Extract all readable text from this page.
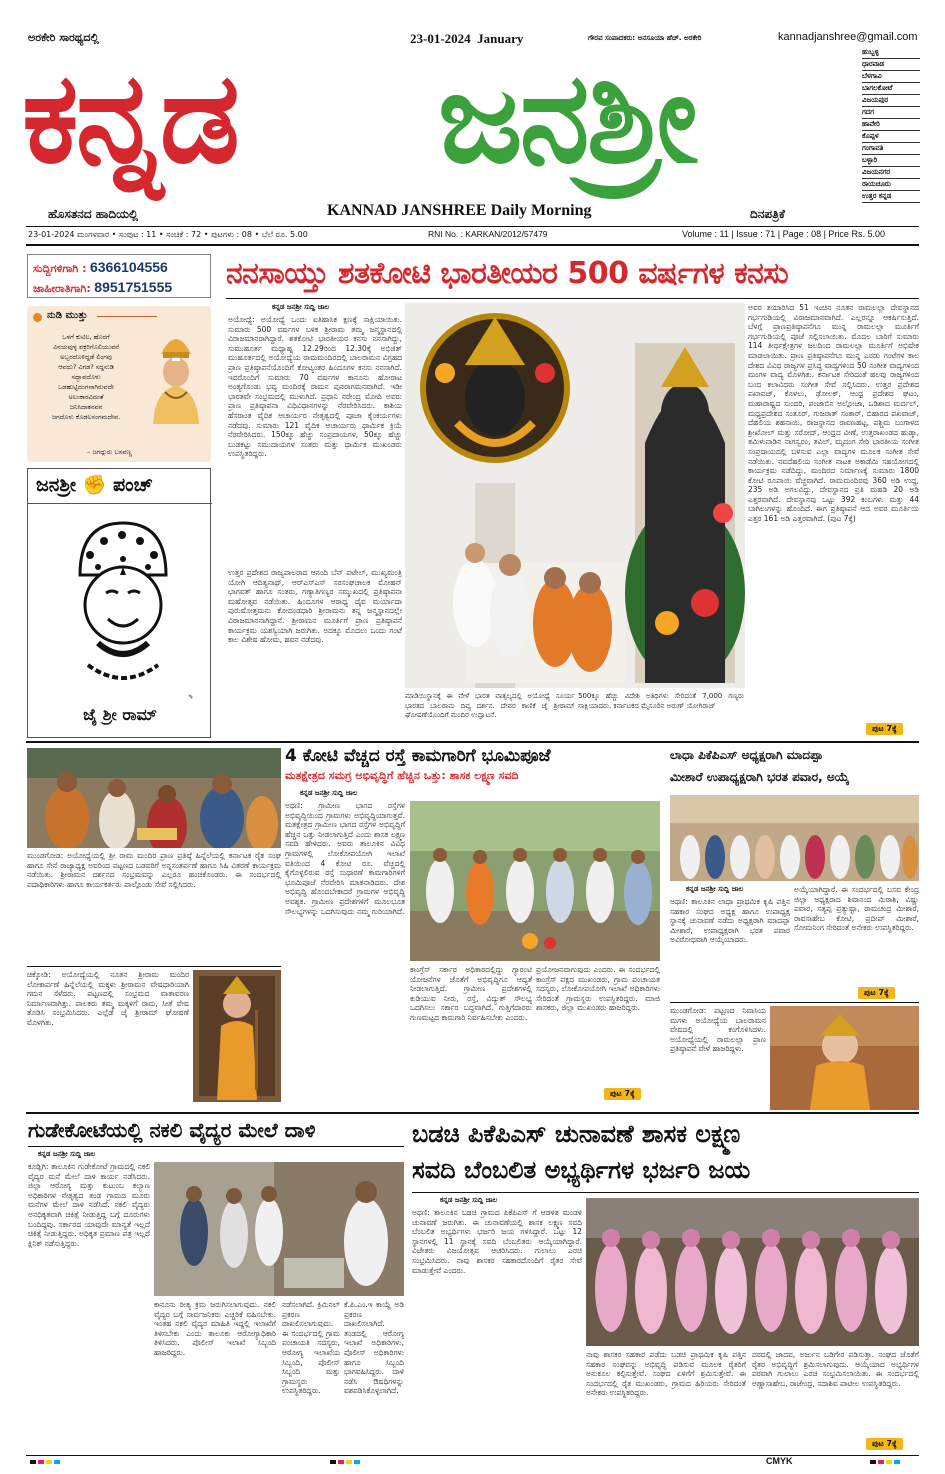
ಅರಕೇರಿ ಸಾರಥ್ಯದಲ್ಲಿ	23-01-2024 January	ಗೌರವ ಸಂಪಾದಕರು: ಅನಸೂಯಾ ಹೆಚ್. ಅರಕೇರಿ	kannadjanshree@gmail.com
ಕನ್ನಡ ಜನಶ್ರೀ
ಹೊಸತನದ ಹಾದಿಯಲ್ಲಿ	KANNAD JANSHREE Daily Morning	ದಿನಪತ್ರಿಕೆ
ಹುಬ್ಬಳ್ಳಿ
ಧಾರವಾಡ
ಬೆಳಗಾವಿ
ಬಾಗಲಕೋಟೆ
ವಿಜಯಪುರ
ಗದಗ
ಹಾವೇರಿ
ಕೊಪ್ಪಳ
ಗಂಗಾವತಿ
ಬಳ್ಳಾರಿ
ವಿಜಯನಗರ
ರಾಯಚೂರು
ಉತ್ತರ ಕನ್ನಡ
23-01-2024 ಮಂಗಳವಾರ • ಸಂಪುಟ : 11 • ಸಂಚಿಕೆ : 72 • ಪುಟಗಳು : 08 • ಬೆಲೆ ರೂ. 5.00	RNI No. : KARKAN/2012/57479	Volume : 11 | Issue : 71 | Page : 08 | Price Rs. 5.00
ಸುದ್ದಿಗಳಿಗಾಗಿ : 6366104556
ಜಾಹೀರಾತಿಗಾಗಿ: 8951751555
ನುಡಿ ಮುತ್ತು
ಒಳಗೆ ಕುಟಿಲ, ಹೊರಗೆ
ವಿನಯವುಳ್ಳ ವಕ್ರರಿಗೊಲಿಯುವನೆ
ಅಬ್ಬರದೊಳಿದ್ದಡೆ ಲಿಂಗವು
ಆವದು? ವಿಗಡ? ಸದ್ದನುಡಿ
ಸದ್ಭಾವದೊಳು
ಒಡಹುಟ್ಟಿದಂಗನಾಗಿರುವದೇ
ಅಲಂಕಾರವಿದಂತೆ
ಜನಿಸಿದಾತನವನ
ಜಗದೊಳು ಕೊಡಲಸಂಗಮದೇವ.
– ಜಗದ್ಗುರು ಬಸವಣ್ಣ
ಜನಶ್ರೀ ✊ ಪಂಚ್
✎
ಜೈ ಶ್ರೀ ರಾಮ್
ನನಸಾಯ್ತು ಶತಕೋಟಿ ಭಾರತೀಯರ 500 ವರ್ಷಗಳ ಕನಸು
ಕನ್ನಡ ಜನಶ್ರೀ ಸುದ್ದಿ ಜಾಲ
ಅಯೋಧ್ಯೆ: ಅಯೋಧ್ಯೆ ಒಂದು ಐತಿಹಾಸಿಕ ಕ್ಷಣಕ್ಕೆ ಸಾಕ್ಷಿಯಾಯಿತು. ಸುಮಾರು 500 ವರ್ಷಗಳ ಬಳಿಕ ಶ್ರೀರಾಮ ತಮ್ಮ ಜನ್ಮಸ್ಥಾನದಲ್ಲಿ ವಿರಾಜಮಾನರಾಗಿದ್ದಾರೆ. ಶತಕೋಟಿ ಭಾರತೀಯರ ಕನಸು ನನಸಾಗಿದ್ದು, ಸುಮುಹೂರ್ತ ಮಧ್ಯಾಹ್ನ 12.29ರಿಂದ 12.30ಕ್ಕೆ ಅಭಿಜಿತ್ ಮುಹೂರ್ತದಲ್ಲಿ ಅಯೋಧ್ಯೆಯ ರಾಮಮಂದಿರದಲ್ಲಿ ಬಾಲರಾಮನ ವಿಗ್ರಹದ ಪ್ರಾಣ ಪ್ರತಿಷ್ಠಾಪನೆಯೊಂದಿಗೆ ಕೋಟ್ಯಂತರ ಹಿಂದೂಗಳ ಕನಸು ನನಸಾಗಿದೆ. ಇದರೊಂದಿಗೆ ಸುಮಾರು 70 ವರ್ಷಗಳ ಕಾನೂನು ಹೋರಾಟ ಅಂತ್ಯಗೊಂಡು ಭವ್ಯ ಮಂದಿರಕ್ಕೆ ರಾಮನ ಪುನರಾಗಮನವಾಗಿದೆ. ಇಡೀ ಭಾರತವೇ ಸಂಭ್ರಮದಲ್ಲಿ ಮುಳುಗಿದೆ. ಪ್ರಧಾನಿ ನರೇಂದ್ರ ಮೋದಿ ಅವರು ಪ್ರಾಣ ಪ್ರತಿಷ್ಠಾಪನಾ ವಿಧಿವಿಧಾನಗಳನ್ನು ನೆರವೇರಿಸಿದರು. ಕಾಶಿಯ ಹೆಸರಾಂತ ವೈದಿಕ ಆಚಾರ್ಯರ ನೇತೃತ್ವದಲ್ಲಿ ಪೂಜಾ ಕೈಂಕರ್ಯಗಳು ನಡೆದವು. ಸುಮಾರು 121 ವೈದಿಕ ಆಚಾರ್ಯರು ಧಾರ್ಮಿಕ ಕ್ರಿಯೆ ನೆರವೇರಿಸಿದರು. 150ಕ್ಕೂ ಹೆಚ್ಚು ಸಂಪ್ರದಾಯಗಳ, 50ಕ್ಕೂ ಹೆಚ್ಚು ಬುಡಕಟ್ಟು ಸಮುದಾಯಗಳ ಸಂತರು ಮತ್ತು ಧಾರ್ಮಿಕ ಮುಖಂಡರು ಉಪಸ್ಥಿತರಿದ್ದರು.
ಉತ್ತರ ಪ್ರದೇಶದ ರಾಜ್ಯಪಾಲರಾದ ಆನಂದಿ ಬೆನ್ ಪಟೇಲ್, ಮುಖ್ಯಮಂತ್ರಿ ಯೋಗಿ ಆದಿತ್ಯನಾಥ್, ಆರ್‌ಎಸ್‌ಎಸ್ ಸರಸಂಘಚಾಲಕ ಮೋಹನ್ ಭಾಗವತ್ ಹಾಗೂ ಸಂತರು, ಗಣ್ಯಾತಿಗಣ್ಯರ ಸಮ್ಮುಖದಲ್ಲಿ ಪ್ರತಿಷ್ಠಾಪನಾ ಮಹೋತ್ಸವ ನಡೆಯಿತು. ಹಿಂದೂಗಳ ಆರಾಧ್ಯ ದೈವ ಮರ್ಯಾದಾ ಪುರುಷೋತ್ತಮನು ಕೋದಂಡಧಾರಿ ಶ್ರೀರಾಮನು ತನ್ನ ಜನ್ಮಸ್ಥಾನದಲ್ಲೇ ವಿರಾಜಮಾನನಾಗಿದ್ದಾನೆ. ಶ್ರೀರಾಮನ ಮೂರ್ತಿಗೆ ಪ್ರಾಣ ಪ್ರತಿಷ್ಠಾಪನೆ ಕಾರ್ಯಕ್ರಮ ಯಶಸ್ವಿಯಾಗಿ ಜರುಗಿತು. ಅದಕ್ಕೂ ಮೊದಲು ಒಂದು ಗಂಟೆ ಕಾಲ ವಿಶೇಷ ಹೋಮ, ಹವನ ನಡೆದವು.
ಮಾಡಿಯಿಸ್ಥಾನಕ್ಕೆ ಈ ವೇಳೆ ಭಾರತ ವಾತ್ಸಲ್ಯದಲ್ಲಿ ಅಯೋಧ್ಯೆ ಸೂರ್ಯ ಭಾರತದ ಬಾಲರಾಮ ದಿವ್ಯ ದರ್ಶನ. ದೇವರ ಕಾಣಿಕೆ ಜೈ ಶ್ರೀರಾಮ್ ಘೋಷಣೆಯೊಂದಿಗೆ ಮಂದಿರ ಉದ್ಘಾಟನೆ.
500ಕ್ಕೂ ಹೆಚ್ಚು ವಿದೇಶಿ ಅತಿಥಿಗಳು ಸೇರಿದಂತೆ 7,000 ಗಣ್ಯರು ಸಾಕ್ಷಿಯಾದರು. ಕರ್ನಾಟಕದ ಮೈಸೂರಿನ ಅರುಣ್ ಯೋಗಿರಾಜ್
ಅವರ ತಯಾರಿಸಿದ 51 ಇಂಚಿನ ನೂತನ ರಾಮಲಲ್ಲಾ ದೇವಸ್ಥಾನದ ಗರ್ಭಗುಡಿಯಲ್ಲಿ ವಿರಾಜಮಾನವಾಗಿದೆ. ಎಲ್ಲರನ್ನೂ ಆಕರ್ಷಿಸುತ್ತಿದೆ. ಬೆಳಗ್ಗೆ ಪ್ರಾಣಪ್ರತಿಷ್ಠಾಪನೆಗೂ ಮುನ್ನ ರಾಮಲಲ್ಲಾ ಮೂರ್ತಿಗೆ ಗರ್ಭಗುಡಿಯಲ್ಲಿ ಪೂಜೆ ಸಲ್ಲಿಸಲಾಯಿತು. ಮೊದಲ ಬಾರಿಗೆ ಸುಮಾರು 114 ತೀರ್ಥಕ್ಷೇತ್ರಗಳ ಜಲದಿಂದ ರಾಮಲಲ್ಲಾ ಮೂರ್ತಿಗೆ ಅಭಿಷೇಕ ಮಾಡಲಾಯಿತು. ಪ್ರಾಣ ಪ್ರತಿಷ್ಠಾಪನೆಗೂ ಮುನ್ನ ಎರಡು ಗಂಟೆಗಳ ಕಾಲ ದೇಶದ ವಿವಿಧ ರಾಜ್ಯಗಳ ಪ್ರಸಿದ್ಧ ವಾದ್ಯಗಳಿಂದ 50 ಸಂಗೀತ ವಾದ್ಯಗಳಿಂದ ಮಂಗಳ ವಾದ್ಯ ಮೊಳಗಿತು. ಕರ್ನಾಟಕ ಸೇರಿದಂತೆ ಹಲವು ರಾಜ್ಯಗಳಿಂದ ಬಂದ ಕಲಾವಿದರು ಸಂಗೀತ ಸೇವೆ ಸಲ್ಲಿಸಿದರು. ಉತ್ತರ ಪ್ರದೇಶದ ಪಖಾವಜ್, ಕೊಳಲು, ಢೋಲಕ್, ಆಂಧ್ರ ಪ್ರದೇಶದ ಘಟಂ, ಮಹಾರಾಷ್ಟ್ರದ ಸುಂದರಿ, ಪಂಜಾಬಿನ ಅಲ್ಗೋಜಾ, ಒಡಿಶಾದ ಮರ್ದಲ್, ಮಧ್ಯಪ್ರದೇಶದ ಸಂತೂರ್, ಗುಜರಾತ್ ಸಂತಾರ್, ಬಿಹಾರದ ಪಖವಾಜ್, ದೆಹಲಿಯ ಶಹನಾಯಿ, ರಾಜಸ್ಥಾನದ ರಾವಣಹಟ್ಟ, ಪಶ್ಚಿಮ ಬಂಗಾಳದ ಶ್ರೀಖೋಲ್ ಮತ್ತು ಸರೋದ್, ಆಂಧ್ರದ ವೀಣೆ, ಉತ್ತರಾಖಂಡದ ಹುಡ್ಕಾ, ತಮಿಳುನಾಡಿನ ನಾಗಸ್ವರಂ, ತವಿಲ್, ಮೃದಂಗ ಸೇರಿ ಭಾರತೀಯ ಸಂಗೀತ ಸಂಪ್ರದಾಯದಲ್ಲಿ ಬಳಸುವ ಎಲ್ಲಾ ವಾದ್ಯಗಳ ಮೂಲಕ ಸಂಗೀತ ಸೇವೆ ನಡೆಯಿತು. ನವದೆಹಲಿಯ ಸಂಗೀತ ನಾಟಕ ಅಕಾಡೆಮಿ ಸಹಯೋಗದಲ್ಲಿ ಕಾರ್ಯಕ್ರಮ ನಡೆದಿದ್ದು, ಮಂದಿರದ ನಿರ್ಮಾಣಕ್ಕೆ ಸುಮಾರು 1800 ಕೋಟಿ ರೂಪಾಯಿ ವೆಚ್ಚವಾಗಿದೆ. ರಾಮಮಂದಿರವು 360 ಅಡಿ ಉದ್ದ, 235 ಅಡಿ ಅಗಲವಿದ್ದು, ದೇವಸ್ಥಾನದ ಪ್ರತಿ ಮಹಡಿ 20 ಅಡಿ ಎತ್ತರವಾಗಿದೆ. ದೇವಸ್ಥಾನವು ಒಟ್ಟು 392 ಕಂಬಗಳು ಮತ್ತು 44 ಬಾಗಿಲುಗಳನ್ನು ಹೊಂದಿದೆ. ಈಗ ಪ್ರತಿಷ್ಠಾಪನೆ ಆದ ಅವರ ಮೂರ್ತಿಯ ಎತ್ತರ 161 ಅಡಿ ಎತ್ತರವಾಗಿದೆ. (ಪುಟ 7ಕ್ಕೆ)
ಪುಟ 7ಕ್ಕೆ
ಮುಂಡಗೋಡ: ಅಯೋಧ್ಯೆಯಲ್ಲಿ ಶ್ರೀ ರಾಮ ಮಂದಿರ ಪ್ರಾಣ ಪ್ರತಿಷ್ಠೆ ಹಿನ್ನೆಲೆಯಲ್ಲಿ ಕರ್ನಾಟಕ ರೈತ ಸಂಘ ಹಾಗೂ ಸೇನೆ ರಾಜ್ಯಾಧ್ಯಕ್ಷ ಅವರಿಂದ ಪಟ್ಟಣದ ಬಡವರಿಗೆ ಅನ್ನಸಂತರ್ಪಣೆ ಹಾಗೂ ಸಿಹಿ ವಿತರಣೆ ಕಾರ್ಯಕ್ರಮ ನಡೆಯಿತು. ಶ್ರೀರಾಮನ ದರ್ಶನದ ಸಂಭ್ರಮವನ್ನು ಎಲ್ಲರೂ ಹಂಚಿಕೊಂಡರು. ಈ ಸಂದರ್ಭದಲ್ಲಿ ಪದಾಧಿಕಾರಿಗಳು ಹಾಗೂ ಕಾರ್ಯಕರ್ತರು ಪಾಲ್ಗೊಂಡು ಸೇವೆ ಸಲ್ಲಿಸಿದರು.
ಚಿಕ್ಕೋಡಿ: ಅಯೋಧ್ಯೆಯಲ್ಲಿ ನೂತನ ಶ್ರೀರಾಮ ಮಂದಿರ ಲೋಕಾರ್ಪಣೆ ಹಿನ್ನೆಲೆಯಲ್ಲಿ ಮಕ್ಕಳು ಶ್ರೀರಾಮನ ವೇಷಧಾರಿಯಾಗಿ ಗಮನ ಸೆಳೆದರು. ಪಟ್ಟಣದಲ್ಲಿ ಸಂಭ್ರಮದ ವಾತಾವರಣ ನಿರ್ಮಾಣವಾಗಿತ್ತು. ಪಾಲಕರು ತಮ್ಮ ಮಕ್ಕಳಿಗೆ ರಾಮ, ಸೀತೆ ವೇಷ ತೊಡಿಸಿ ಸಂಭ್ರಮಿಸಿದರು. ಎಲ್ಲೆಡೆ ಜೈ ಶ್ರೀರಾಮ್ ಘೋಷಣೆ ಮೊಳಗಿತು.
4 ಕೋಟಿ ವೆಚ್ಚದ ರಸ್ತೆ ಕಾಮಗಾರಿಗೆ ಭೂಮಿಪೂಜೆ
ಮತಕ್ಷೇತ್ರದ ಸಮಗ್ರ ಅಭಿವೃದ್ಧಿಗೆ ಹೆಚ್ಚಿನ ಒತ್ತು: ಶಾಸಕ ಲಕ್ಷ್ಮಣ ಸವದಿ
ಕನ್ನಡ ಜನಶ್ರೀ ಸುದ್ದಿ ಜಾಲ
ಅಥಣಿ: ಗ್ರಾಮೀಣ ಭಾಗದ ರಸ್ತೆಗಳ ಅಭಿವೃದ್ಧಿಯಿಂದ ಗ್ರಾಮಗಳು ಅಭಿವೃದ್ಧಿಯಾಗುತ್ತವೆ. ಮತಕ್ಷೇತ್ರದ ಗ್ರಾಮೀಣ ಭಾಗದ ರಸ್ತೆಗಳ ಅಭಿವೃದ್ಧಿಗೆ ಹೆಚ್ಚಿನ ಒತ್ತು ನೀಡಲಾಗುತ್ತಿದೆ ಎಂದು ಶಾಸಕ ಲಕ್ಷ್ಮಣ ಸವದಿ ಹೇಳಿದರು. ಅವರು ತಾಲೂಕಿನ ವಿವಿಧ ಗ್ರಾಮಗಳಲ್ಲಿ ಲೋಕೋಪಯೋಗಿ ಇಲಾಖೆ ವತಿಯಿಂದ 4 ಕೋಟಿ ರೂ. ವೆಚ್ಚದಲ್ಲಿ ಕೈಗೊಳ್ಳಲಿರುವ ರಸ್ತೆ ಸುಧಾರಣೆ ಕಾಮಗಾರಿಗಳಿಗೆ ಭೂಮಿಪೂಜೆ ನೆರವೇರಿಸಿ ಮಾತನಾಡಿದರು. ದೇಶ ಅಭಿವೃದ್ಧಿ ಹೊಂದಬೇಕಾದರೆ ಗ್ರಾಮಗಳ ಅಭಿವೃದ್ಧಿ ಅವಶ್ಯಕ. ಗ್ರಾಮೀಣ ಪ್ರದೇಶಗಳಿಗೆ ಮೂಲಭೂತ ಸೌಲಭ್ಯಗಳನ್ನು ಒದಗಿಸುವುದು ನಮ್ಮ ಗುರಿಯಾಗಿದೆ.
ಕಾಂಗ್ರೆಸ್ ಸರ್ಕಾರ ಅಧಿಕಾರದಲ್ಲಿದ್ದು ಗ್ಯಾರಂಟಿ ಯೋಜನೆಗಳ ಜೊತೆಗೆ ಅಭಿವೃದ್ಧಿಗೂ ಆದ್ಯತೆ ನೀಡಲಾಗುತ್ತಿದೆ. ಗ್ರಾಮೀಣ ಪ್ರದೇಶಗಳಲ್ಲಿ ಕುಡಿಯುವ ನೀರು, ರಸ್ತೆ, ವಿದ್ಯುತ್ ಸೌಲಭ್ಯ ಒದಗಿಸಲು ಸರ್ಕಾರ ಬದ್ಧವಾಗಿದೆ. ಗುತ್ತಿಗೆದಾರರು ಗುಣಮಟ್ಟದ ಕಾಮಗಾರಿ ನಿರ್ವಹಿಸಬೇಕು ಎಂದರು.
ಪ್ರಯೋಜನವಾಗುವುದು ಎಂದರು. ಈ ಸಂದರ್ಭದಲ್ಲಿ ಕಾಂಗ್ರೆಸ್ ಪಕ್ಷದ ಮುಖಂಡರು, ಗ್ರಾಮ ಪಂಚಾಯತ ಸದಸ್ಯರು, ಲೋಕೋಪಯೋಗಿ ಇಲಾಖೆ ಅಧಿಕಾರಿಗಳು ಸೇರಿದಂತೆ ಗ್ರಾಮಸ್ಥರು ಉಪಸ್ಥಿತರಿದ್ದರು. ಮಾಜಿ ಶಾಸಕರು, ಜಿಲ್ಲಾ ಮುಖಂಡರು ಹಾಜರಿದ್ದರು.
ಪುಟ 7ಕ್ಕೆ
ಲಾಧಾ ಪಿಕೆಪಿಎಸ್ ಅಧ್ಯಕ್ಷರಾಗಿ ಮಾದಪ್ಪಾ
ಮೀಶಾರೆ ಉಪಾಧ್ಯಕ್ಷರಾಗಿ ಭರತ ಪವಾರ, ಅಯ್ಕೆ
ಕನ್ನಡ ಜನಶ್ರೀ ಸುದ್ದಿ ಜಾಲ
ಅಥಣಿ: ತಾಲೂಕಿನ ಲಾಧಾ ಪ್ರಾಥಮಿಕ ಕೃಷಿ ಪತ್ತಿನ ಸಹಕಾರ ಸಂಘದ ಅಧ್ಯಕ್ಷ ಹಾಗೂ ಉಪಾಧ್ಯಕ್ಷ ಸ್ಥಾನಕ್ಕೆ ಚುನಾವಣೆ ನಡೆದು ಅಧ್ಯಕ್ಷರಾಗಿ ಮಾದಪ್ಪಾ ಮೀಶಾರೆ, ಉಪಾಧ್ಯಕ್ಷರಾಗಿ ಭರತ ಪವಾರ ಅವಿರೋಧವಾಗಿ ಆಯ್ಕೆಯಾದರು.
ಅಯ್ಕೆಯಾಗಿದ್ದಾರೆ. ಈ ಸಂದರ್ಭದಲ್ಲಿ ಬಸವ ಕೇಂದ್ರ ಜಿಲ್ಲಾ ಅಧ್ಯಕ್ಷರಾದ ಶಿವಾನಂದ ಮಿರಾಶಿ, ವಿಷ್ಣು ಪವಾರ, ಸತ್ಯಪ್ಪ ಪ್ರತ್ಯುಷ್ಟಾ, ರಾಮಚಂದ್ರ ಮೀಶಾರೆ, ರಾವಸಾಹೇಬ ಕೋಟಿ, ಪ್ರದೀಪ್ ಮೀಶಾರೆ, ಸೋಮನಿಂಗ ಸೇರಿದಂತೆ ಅನೇಕರು ಉಪಸ್ಥಿತರಿದ್ದರು.
ಪುಟ 7ಕ್ಕೆ
ಮುಂಡಗೋಡ: ಪಟ್ಟಣದ ನಿವಾಸಿಯ ಮಗಳು ಅಯೋಧ್ಯೆಯ ಬಾಲರಾಮನ ವೇಷದಲ್ಲಿ ಕಂಗೊಳಿಸಿದಳು. ಅಯೋಧ್ಯೆಯಲ್ಲಿ ರಾಮಲಲ್ಲಾ ಪ್ರಾಣ ಪ್ರತಿಷ್ಠಾಪನೆ ವೇಳೆ ಹಾಜರಿದ್ದಳು.
ಗುಡೇಕೋಟೆಯಲ್ಲಿ ನಕಲಿ ವೈದ್ಯರ ಮೇಲೆ ದಾಳಿ
ಕನ್ನಡ ಜನಶ್ರೀ ಸುದ್ದಿ ಜಾಲ
ಕೂಡ್ಲಿಗಿ: ತಾಲೂಕಿನ ಗುಡೇಕೋಟೆ ಗ್ರಾಮದಲ್ಲಿ ನಕಲಿ ವೈದ್ಯರ ಮನೆ ಮೇಲೆ ದಾಳಿ ಕಾರ್ಯ ನಡೆಸಿದರು. ಜಿಲ್ಲಾ ಆರೋಗ್ಯ ಮತ್ತು ಕುಟುಂಬ ಕಲ್ಯಾಣ ಅಧಿಕಾರಿಗಳ ನೇತೃತ್ವದ ತಂಡ ಗ್ರಾಮದ ಮೂರು ಮನೆಗಳ ಮೇಲೆ ದಾಳಿ ನಡೆಸಿದೆ. ನಕಲಿ ವೈದ್ಯರು ಅನಧಿಕೃತವಾಗಿ ಚಿಕಿತ್ಸೆ ನೀಡುತ್ತಿದ್ದ ಬಗ್ಗೆ ದೂರುಗಳು ಬಂದಿದ್ದವು. ಸರ್ಕಾರದ ಯಾವುದೇ ಮಾನ್ಯತೆ ಇಲ್ಲದೆ ಚಿಕಿತ್ಸೆ ನೀಡುತ್ತಿದ್ದರು. ಅಧಿಕೃತ ಪ್ರಮಾಣ ಪತ್ರ ಇಲ್ಲದೆ ಕ್ಲಿನಿಕ್ ನಡೆಸುತ್ತಿದ್ದರು.
ಕಾನೂನು ರೀತ್ಯ ಕ್ರಮ ಜರುಗಿಸಲಾಗುವುದು. ನಕಲಿ ವೈದ್ಯರ ಬಗ್ಗೆ ಸಾರ್ವಜನಿಕರು ಎಚ್ಚರಿಕೆ ವಹಿಸಬೇಕು. ಇಂತಹ ನಕಲಿ ವೈದ್ಯರ ಮಾಹಿತಿ ಇದ್ದಲ್ಲಿ ಇಲಾಖೆಗೆ ತಿಳಿಸಬೇಕು ಎಂದು ತಾಲೂಕು ಆರೋಗ್ಯಾಧಿಕಾರಿ ತಿಳಿಸಿದರು. ಪೊಲೀಸ್ ಇಲಾಖೆ ಸಿಬ್ಬಂದಿ ಹಾಜರಿದ್ದರು.
ನಡೆಸಲಾಗಿದೆ. ಕ್ರಿಮಿನಲ್ ಪ್ರಕರಣ ದಾಖಲಿಸಲಾಗುವುದು. ಈ ಸಂದರ್ಭದಲ್ಲಿ ಗ್ರಾಮ ಪಂಚಾಯತಿ ಸದಸ್ಯರು, ಆರೋಗ್ಯ ಇಲಾಖೆಯ ಸಿಬ್ಬಂದಿ, ಪೊಲೀಸ್ ಸಿಬ್ಬಂದಿ ಮತ್ತು ಗ್ರಾಮಸ್ಥರು ಉಪಸ್ಥಿತರಿದ್ದರು.
ಕೆ.ಪಿ.ಎಂ.ಇ ಕಾಯ್ದೆ ಅಡಿ ಪ್ರಕರಣ ದಾಖಲಿಸಲಾಗಿದೆ. ತಂಡದಲ್ಲಿ ಆರೋಗ್ಯ ಇಲಾಖೆ ಅಧಿಕಾರಿಗಳು, ಪೊಲೀಸ್ ಅಧಿಕಾರಿಗಳು ಹಾಗೂ ಸಿಬ್ಬಂದಿ ಭಾಗವಹಿಸಿದ್ದರು. ದಾಳಿ ನಡೆಸಿ ಔಷಧಿಗಳನ್ನು ವಶಪಡಿಸಿಕೊಳ್ಳಲಾಗಿದೆ.
ಬಡಚಿ ಪಿಕೆಪಿಎಸ್ ಚುನಾವಣೆ ಶಾಸಕ ಲಕ್ಷ್ಮಣ
ಸವದಿ ಬೆಂಬಲಿತ ಅಭ್ಯರ್ಥಿಗಳ ಭರ್ಜರಿ ಜಯ
ಕನ್ನಡ ಜನಶ್ರೀ ಸುದ್ದಿ ಜಾಲ
ಅಥಣಿ: ತಾಲೂಕಿನ ಬಡಚಿ ಗ್ರಾಮದ ಪಿಕೆಪಿಎಸ್ ಗೆ ಆಡಳಿತ ಮಂಡಳಿ ಚುನಾವಣೆ ಜರುಗಿತು. ಈ ಚುನಾವಣೆಯಲ್ಲಿ ಶಾಸಕ ಲಕ್ಷ್ಮಣ ಸವದಿ ಬೆಂಬಲಿತ ಅಭ್ಯರ್ಥಿಗಳು ಭರ್ಜರಿ ಜಯ ಗಳಿಸಿದ್ದಾರೆ. ಒಟ್ಟು 12 ಸ್ಥಾನಗಳಲ್ಲಿ 11 ಸ್ಥಾನಕ್ಕೆ ಸವದಿ ಬೆಂಬಲಿತರು ಆಯ್ಕೆಯಾಗಿದ್ದಾರೆ. ವಿಜೇತರು ವಿಜಯೋತ್ಸವ ಆಚರಿಸಿದರು. ಗುಲಾಲು ಎರಚಿ ಸಂಭ್ರಮಿಸಿದರು. ನಾವು ಶಾಸಕರ ಸಹಕಾರದೊಂದಿಗೆ ರೈತರ ಸೇವೆ ಮಾಡುತ್ತೇವೆ ಎಂದರು.
ನಾವು ಶಾಸಕರ ಸಹಕಾರ ಪಡೆದು ಬಡಚಿ ಪ್ರಾಥಮಿಕ ಕೃಷಿ ಪತ್ತಿನ ಸಹಕಾರ ಸಂಘವನ್ನು ಅಭಿವೃದ್ಧಿ ಪಡಿಸುವ ಮೂಲಕ ರೈತರಿಗೆ ಅನುಕೂಲ ಕಲ್ಪಿಸುತ್ತೇವೆ. ಸಂಘದ ಏಳಿಗೆಗೆ ಶ್ರಮಿಸುತ್ತೇವೆ. ಈ ಸಂದರ್ಭದಲ್ಲಿ ರೈತ ಮುಖಂಡರು, ಗ್ರಾಮದ ಹಿರಿಯರು ಸೇರಿದಂತೆ ಅನೇಕರು ಉಪಸ್ಥಿತರಿದ್ದರು.
ದರದಲ್ಲಿ ಜಾದವ, ಅರ್ಜುನ ಬಡಿಗೇರ ಪಡಿಸುತ್ತಾ. ಸಂಘದ ಜೊತೆಗೆ ರೈತರ ಅಭಿವೃದ್ಧಿಗೆ ಶ್ರಮಿಸಲಾಗುವುದು. ಆಯ್ಕೆಯಾದ ಅಭ್ಯರ್ಥಿಗಳ ಪರವಾಗಿ ಗುಲಾಲು ಎರಚಿ ಸಂಭ್ರಮಿಸಲಾಯಿತು. ಈ ಸಂದರ್ಭದಲ್ಲಿ ಅಣ್ಣಾಸಾಹೇಬ, ರಾಜೇಂದ್ರ, ಸದಾಶಿವ ಪಾಟೀಲ ಉಪಸ್ಥಿತರಿದ್ದರು.
ಪುಟ 7ಕ್ಕೆ
CMYK
